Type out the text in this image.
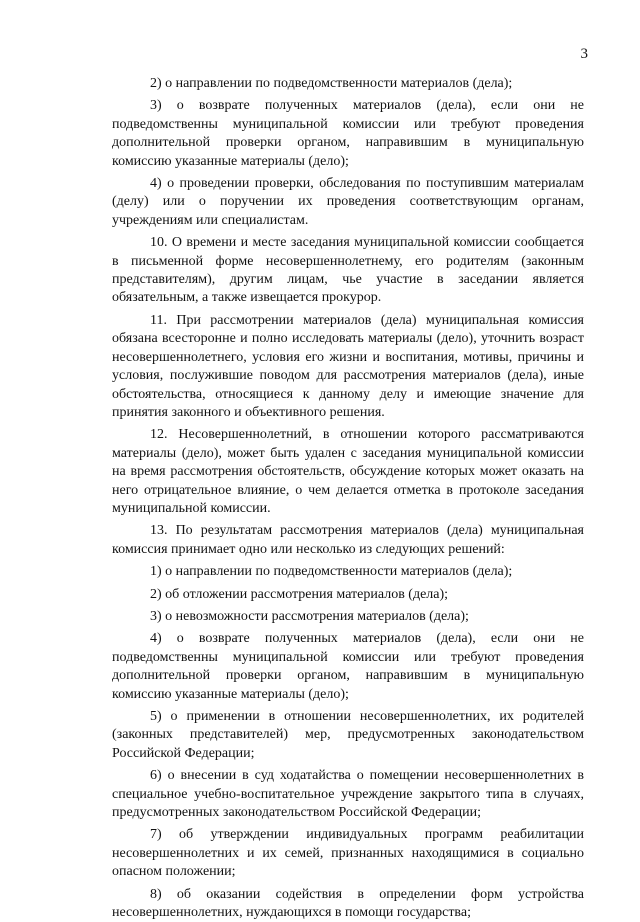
3

2) о направлении по подведомственности материалов (дела);

3) о возврате полученных материалов (дела), если они не подведомственны муниципальной комиссии или требуют проведения дополнительной проверки органом, направившим в муниципальную комиссию указанные материалы (дело);

4) о проведении проверки, обследования по поступившим материалам (делу) или о поручении их проведения соответствующим органам, учреждениям или специалистам.

10. О времени и месте заседания муниципальной комиссии сообщается в письменной форме несовершеннолетнему, его родителям (законным представителям), другим лицам, чье участие в заседании является обязательным, а также извещается прокурор.

11. При рассмотрении материалов (дела) муниципальная комиссия обязана всесторонне и полно исследовать материалы (дело), уточнить возраст несовершеннолетнего, условия его жизни и воспитания, мотивы, причины и условия, послужившие поводом для рассмотрения материалов (дела), иные обстоятельства, относящиеся к данному делу и имеющие значение для принятия законного и объективного решения.

12. Несовершеннолетний, в отношении которого рассматриваются материалы (дело), может быть удален с заседания муниципальной комиссии на время рассмотрения обстоятельств, обсуждение которых может оказать на него отрицательное влияние, о чем делается отметка в протоколе заседания муниципальной комиссии.

13. По результатам рассмотрения материалов (дела) муниципальная комиссия принимает одно или несколько из следующих решений:

1) о направлении по подведомственности материалов (дела);

2) об отложении рассмотрения материалов (дела);

3) о невозможности рассмотрения материалов (дела);

4) о возврате полученных материалов (дела), если они не подведомственны муниципальной комиссии или требуют проведения дополнительной проверки органом, направившим в муниципальную комиссию указанные материалы (дело);

5) о применении в отношении несовершеннолетних, их родителей (законных представителей) мер, предусмотренных законодательством Российской Федерации;

6) о внесении в суд ходатайства о помещении несовершеннолетних в специальное учебно-воспитательное учреждение закрытого типа в случаях, предусмотренных законодательством Российской Федерации;

7) об утверждении индивидуальных программ реабилитации несовершеннолетних и их семей, признанных находящимися в социально опасном положении;

8) об оказании содействия в определении форм устройства несовершеннолетних, нуждающихся в помощи государства;
